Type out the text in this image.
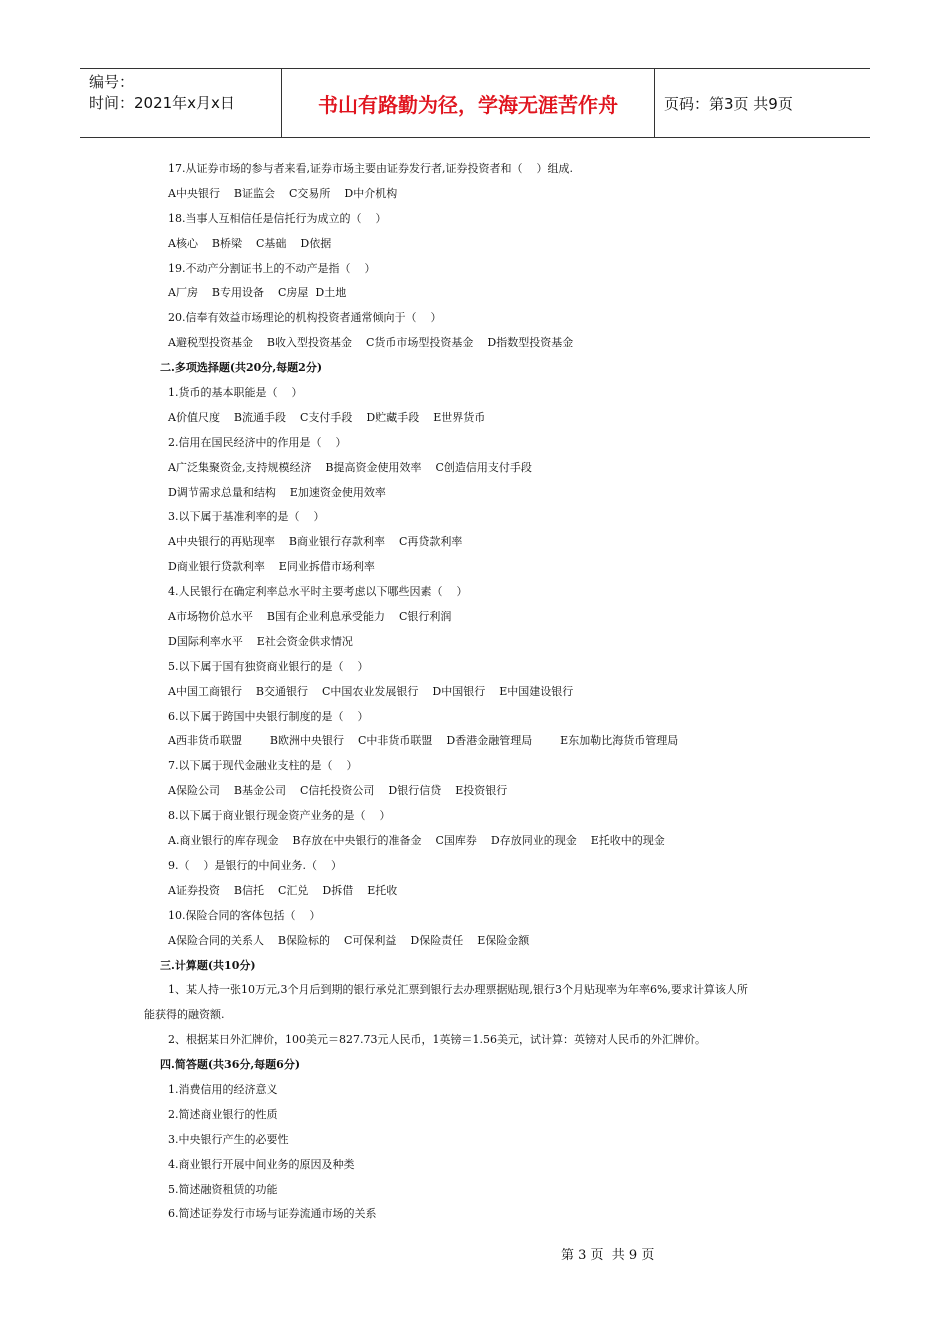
编号：
时间：2021年x月x日	书山有路勤为径，学海无涯苦作舟	页码：第3页 共9页
17.从证券市场的参与者来看,证券市场主要由证券发行者,证券投资者和（    ）组成.
A中央银行    B证监会    C交易所    D中介机构
18.当事人互相信任是信托行为成立的（    ）
A核心    B桥梁    C基础    D依据
19.不动产分割证书上的不动产是指（    ）
A厂房    B专用设备    C房屋  D土地
20.信奉有效益市场理论的机构投资者通常倾向于（    ）
A避税型投资基金    B收入型投资基金    C货币市场型投资基金    D指数型投资基金
二.多项选择题(共20分,每题2分)
1.货币的基本职能是（    ）
A价值尺度    B流通手段    C支付手段    D贮藏手段    E世界货币
2.信用在国民经济中的作用是（    ）
A广泛集聚资金,支持规模经济    B提高资金使用效率    C创造信用支付手段
D调节需求总量和结构    E加速资金使用效率
3.以下属于基准利率的是（    ）
A中央银行的再贴现率    B商业银行存款利率    C再贷款利率
D商业银行贷款利率    E同业拆借市场利率
4.人民银行在确定利率总水平时主要考虑以下哪些因素（    ）
A市场物价总水平    B国有企业利息承受能力    C银行利润
D国际利率水平    E社会资金供求情况
5.以下属于国有独资商业银行的是（    ）
A中国工商银行    B交通银行    C中国农业发展银行    D中国银行    E中国建设银行
6.以下属于跨国中央银行制度的是（    ）
A西非货币联盟        B欧洲中央银行    C中非货币联盟    D香港金融管理局        E东加勒比海货币管理局
7.以下属于现代金融业支柱的是（    ）
A保险公司    B基金公司    C信托投资公司    D银行信贷    E投资银行
8.以下属于商业银行现金资产业务的是（    ）
A.商业银行的库存现金    B存放在中央银行的准备金    C国库券    D存放同业的现金    E托收中的现金
9.（    ）是银行的中间业务.（    ）
A证券投资    B信托    C汇兑    D拆借    E托收
10.保险合同的客体包括（    ）
A保险合同的关系人    B保险标的    C可保利益    D保险责任    E保险金额
三.计算题(共10分)
1、某人持一张10万元,3个月后到期的银行承兑汇票到银行去办理票据贴现,银行3个月贴现率为年率6%,要求计算该人所
能获得的融资额.
2、根据某日外汇牌价，100美元＝827.73元人民币，1英镑＝1.56美元，试计算：英镑对人民币的外汇牌价。
四.简答题(共36分,每题6分)
1.消费信用的经济意义
2.简述商业银行的性质
3.中央银行产生的必要性
4.商业银行开展中间业务的原因及种类
5.简述融资租赁的功能
6.简述证券发行市场与证券流通市场的关系
第 3 页  共 9 页
